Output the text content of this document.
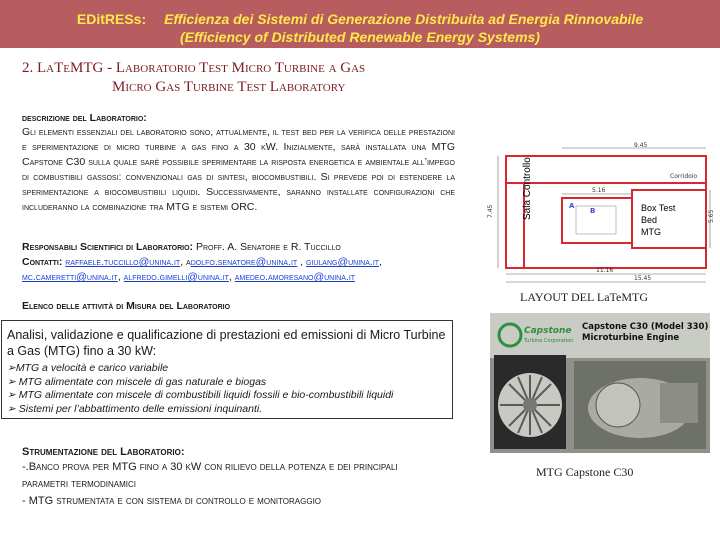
EDitRESs: Efficienza dei Sistemi di Generazione Distribuita ad Energia Rinnovabile
(Efficiency of Distributed Renewable Energy Systems)
2. LaTeMTG - Laboratorio Test Micro Turbine a Gas
Micro Gas Turbine Test Laboratory
descrizione del Laboratorio:
Gli elementi essenziali del laboratorio sono, attualmente, il test bed per la verifica delle prestazioni e sperimentazione di micro turbine a gas fino a 30 kW. Inizialmente, sarà installata una MTG Capstone C30 sulla quale sarè possibile sperimentare la risposta energetica e ambientale all’impego di combustibili gassosi: convenzionali gas di sintesi, biocombustibili. Si prevede poi di estendere la sperimentazione a biocombustibili liquidi. Successivamente, saranno installate configurazioni che includeranno la combinazione tra MTG e sistemi ORC.
Responsabili Scientifici di Laboratorio: Proff. A. Senatore e R. Tuccillo
Contatti: raffaele.tuccillo@unina.it, adolfo.senatore@unina.it , giulang@unina.it,
mc.cameretti@unina.it, alfredo.gimelli@unina.it, amedeo.amoresano@unina.it
Elenco delle attività di Misura del Laboratorio
Analisi, validazione e qualificazione di prestazioni ed emissioni di Micro Turbine a Gas (MTG) fino a 30 kW:
➢MTG a velocità e carico variabile
➢ MTG alimentate con miscele di gas naturale e biogas
➢ MTG alimentate con miscele di combustibili liquidi fossili e bio-combustibili liquidi
➢ Sistemi per l’abbattimento delle emissioni inquinanti.
Strumentazione del Laboratorio:
-.Banco prova per MTG fino a 30 kW con rilievo della potenza e dei principali
parametri termodinamici
- MTG strumentata e con sistema di controllo e monitoraggio
9.45
Corridoio
5.16
7.45	5.65
11.16
15.45
A
B
Sala Controllo	Box Test
Bed
MTG
LAYOUT DEL LaTeMTG
Capstone
Turbine Corporation
Capstone C30 (Model 330)
Microturbine Engine
MTG Capstone C30
